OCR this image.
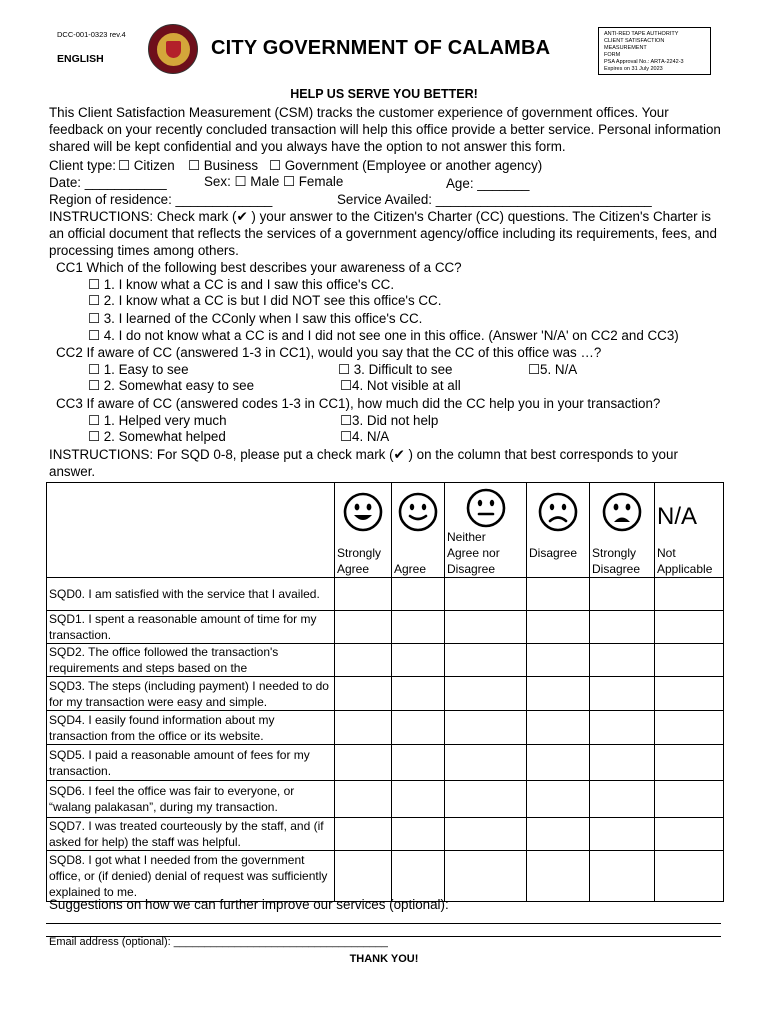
DCC-001-0323 rev.4
ENGLISH	CITY GOVERNMENT OF CALAMBA
ANTI-RED TAPE AUTHORITY
CLIENT SATISFACTION MEASUREMENT
FORM
PSA Approval No.: ARTA-2242-3
Expires on 31 July 2023
HELP US SERVE YOU BETTER!
This Client Satisfaction Measurement (CSM) tracks the customer experience of government offices. Your
feedback on your recently concluded transaction will help this office provide a better service. Personal information
shared will be kept confidential and you always have the option to not answer this form.
Client type: ☐ Citizen ☐ Business ☐ Government (Employee or another agency)
Date: ___________	Sex: ☐ Male ☐ Female	Age: _______
Region of residence: _____________	Service Availed: _____________________________
INSTRUCTIONS: Check mark (✔ ) your answer to the Citizen's Charter (CC) questions. The Citizen's Charter is
an official document that reflects the services of a government agency/office including its requirements, fees, and
processing times among others.
CC1 Which of the following best describes your awareness of a CC?
☐ 1. I know what a CC is and I saw this office's CC.
☐ 2. I know what a CC is but I did NOT see this office's CC.
☐ 3. I learned of the CConly when I saw this office's CC.
☐ 4. I do not know what a CC is and I did not see one in this office. (Answer 'N/A' on CC2 and CC3)
CC2 If aware of CC (answered 1-3 in CC1), would you say that the CC of this office was …?
☐ 1. Easy to see	☐ 3. Difficult to see	☐5. N/A
☐ 2. Somewhat easy to see	☐4. Not visible at all
CC3 If aware of CC (answered codes 1-3 in CC1), how much did the CC help you in your transaction?
☐ 1. Helped very much	☐3. Did not help
☐ 2. Somewhat helped	☐4. N/A
INSTRUCTIONS: For SQD 0-8, please put a check mark (✔ ) on the column that best corresponds to your
answer.

	Strongly Agree	Agree	Neither Agree nor Disagree	Disagree	Strongly Disagree	N/A
Not Applicable

SQD0. I am satisfied with the service that I availed.						

SQD1. I spent a reasonable amount of time for my transaction.						

SQD2. The office followed the transaction's requirements and steps based on the						

SQD3. The steps (including payment) I needed to do for my transaction were easy and simple.						

SQD4. I easily found information about my transaction from the office or its website.						

SQD5. I paid a reasonable amount of fees for my transaction.						

SQD6. I feel the office was fair to everyone, or “walang palakasan”, during my transaction.						

SQD7. I was treated courteously by the staff, and (if asked for help) the staff was helpful.						

SQD8. I got what I needed from the government office, or (if denied) denial of request was sufficiently explained to me.						

Suggestions on how we can further improve our services (optional):
Email address (optional): ___________________________________
THANK YOU!
